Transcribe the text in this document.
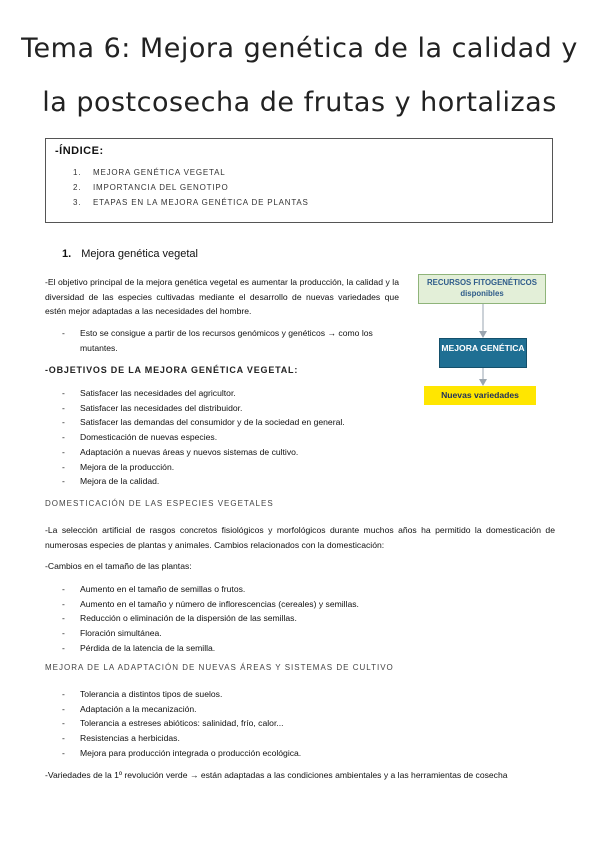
Tema 6: Mejora genética de la calidad y
la postcosecha de frutas y hortalizas
-ÍNDICE:
1. MEJORA GENÉTICA VEGETAL
2. IMPORTANCIA DEL GENOTIPO
3. ETAPAS EN LA MEJORA GENÉTICA DE PLANTAS
1. Mejora genética vegetal
-El objetivo principal de la mejora genética vegetal es aumentar la producción, la calidad y la diversidad de las especies cultivadas mediante el desarrollo de nuevas variedades que estén mejor adaptadas a las necesidades del hombre.
- Esto se consigue a partir de los recursos genómicos y genéticos → como los mutantes.
-OBJETIVOS DE LA MEJORA GENÉTICA VEGETAL:
- Satisfacer las necesidades del agricultor.
- Satisfacer las necesidades del distribuidor.
- Satisfacer las demandas del consumidor y de la sociedad en general.
- Domesticación de nuevas especies.
- Adaptación a nuevas áreas y nuevos sistemas de cultivo.
- Mejora de la producción.
- Mejora de la calidad.
DOMESTICACIÓN DE LAS ESPECIES VEGETALES
-La selección artificial de rasgos concretos fisiológicos y morfológicos durante muchos años ha permitido la domesticación de numerosas especies de plantas y animales. Cambios relacionados con la domesticación:
-Cambios en el tamaño de las plantas:
- Aumento en el tamaño de semillas o frutos.
- Aumento en el tamaño y número de inflorescencias (cereales) y semillas.
- Reducción o eliminación de la dispersión de las semillas.
- Floración simultánea.
- Pérdida de la latencia de la semilla.
MEJORA DE LA ADAPTACIÓN DE NUEVAS ÁREAS Y SISTEMAS DE CULTIVO
- Tolerancia a distintos tipos de suelos.
- Adaptación a la mecanización.
- Tolerancia a estreses abióticos: salinidad, frío, calor...
- Resistencias a herbicidas.
- Mejora para producción integrada o producción ecológica.
-Variedades de la 1º revolución verde → están adaptadas a las condiciones ambientales y a las herramientas de cosecha
RECURSOS FITOGENÉTICOS disponibles
MEJORA GENÉTICA
Nuevas variedades
